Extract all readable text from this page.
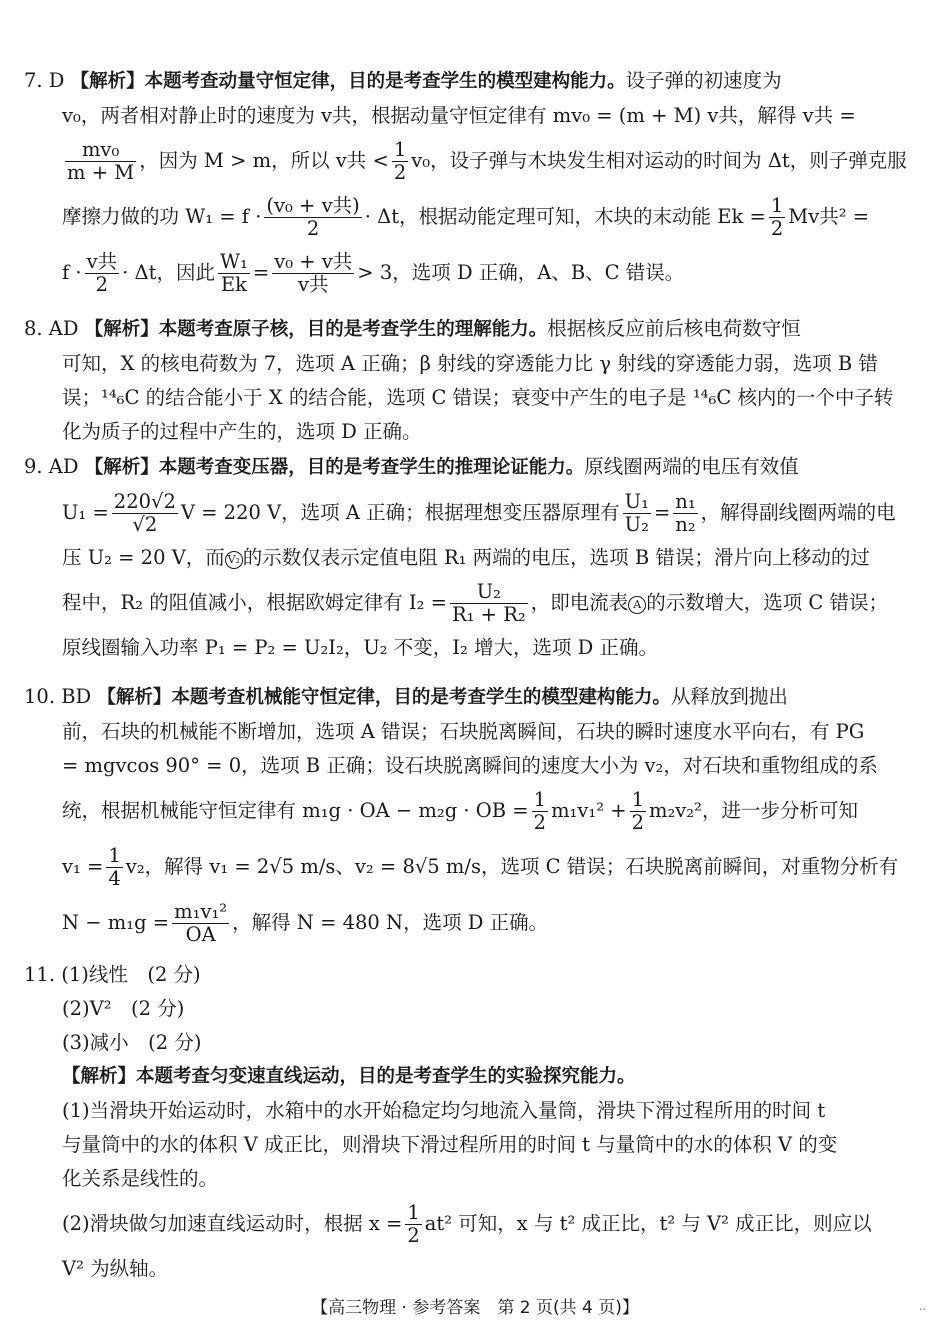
7. D 【解析】本题考查动量守恒定律，目的是考查学生的模型建构能力。设子弹的初速度为
v₀，两者相对静止时的速度为 v共，根据动量守恒定律有 mv₀ = (m + M) v共，解得 v共 =
$\frac{\text{mv₀}}{m + M}$ ，因为 M > m，所以 v共 < $\frac{1}{2} v_0$，设子弹与木块发生相对运动的时间为 Δt，则子弹克服
摩擦力做的功 W₁ = f · (v₀ + v共)
2
· Δt，根据动能定理可知，木块的末动能 $Ek = \frac{1}{2}$ Mv共² =
f · v共
2
· Δt，因此 $\frac{\text{W₁}}{Ek} = v_0 + v$共
v共
> 3，选项 D 正确，A、B、C 错误。
8. AD 【解析】本题考查原子核，目的是考查学生的理解能力。根据核反应前后核电荷数守恒
可知，X 的核电荷数为 7，选项 A 正确；β 射线的穿透能力比 γ 射线的穿透能力弱，选项 B 错
误；¹⁴₆C 的结合能小于 X 的结合能，选项 C 错误；衰变中产生的电子是 ¹⁴₆C 核内的一个中子转
化为质子的过程中产生的，选项 D 正确。
9. AD 【解析】本题考查变压器，目的是考查学生的推理论证能力。原线圈两端的电压有效值
$U_1 = \frac{220√2}{√2}$ V = 220 V，选项 A 正确；根据理想变压器原理有 $\frac{\text{U₁}}{\text{U₂}} = \frac{\text{n₁}}{\text{n₂}}$ ，解得副线圈两端的电
压 U₂ = 20 V，而 V₂ 的示数仅表示定值电阻 R₁ 两端的电压，选项 B 错误；滑片向上移动的过
程中，R₂ 的阻值减小，根据欧姆定律有 $I_2 = \frac{\text{U₂}}{\text{R₁ + R₂}}$ ，即电流表 A 的示数增大，选项 C 错误；
原线圈输入功率 P₁ = P₂ = U₂I₂，U₂ 不变，I₂ 增大，选项 D 正确。
10. BD 【解析】本题考查机械能守恒定律，目的是考查学生的模型建构能力。从释放到抛出
前，石块的机械能不断增加，选项 A 错误；石块脱离瞬间，石块的瞬时速度水平向右，有 PG
= mgvcos 90° = 0，选项 B 正确；设石块脱离瞬间的速度大小为 v₂，对石块和重物组成的系
统，根据机械能守恒定律有 m₁g · OA − m₂g · OB = $\frac{1}{2} m_1v_1^2 + \frac{1}{2} m_2v_2^2$，进一步分析可知
$v_1 = \frac{1}{4} v_2$，解得 v₁ = 2√5 m/s、v₂ = 8√5 m/s，选项 C 错误；石块脱离前瞬间，对重物分析有
$N - m_1g = \frac{\text{m₁v₁²}}{OA}$ ，解得 N = 480 N，选项 D 正确。
11. (1)线性　(2 分)
(2)V²　(2 分)
(3)减小　(2 分)
【解析】本题考查匀变速直线运动，目的是考查学生的实验探究能力。
(1)当滑块开始运动时，水箱中的水开始稳定均匀地流入量筒，滑块下滑过程所用的时间 t
与量筒中的水的体积 V 成正比，则滑块下滑过程所用的时间 t 与量筒中的水的体积 V 的变
化关系是线性的。
(2)滑块做匀加速直线运动时，根据 $x = \frac{1}{2} at^2$ 可知，x 与 t² 成正比，t² 与 V² 成正比，则应以
V² 为纵轴。
【高三物理 · 参考答案　第 2 页(共 4 页)】	..
